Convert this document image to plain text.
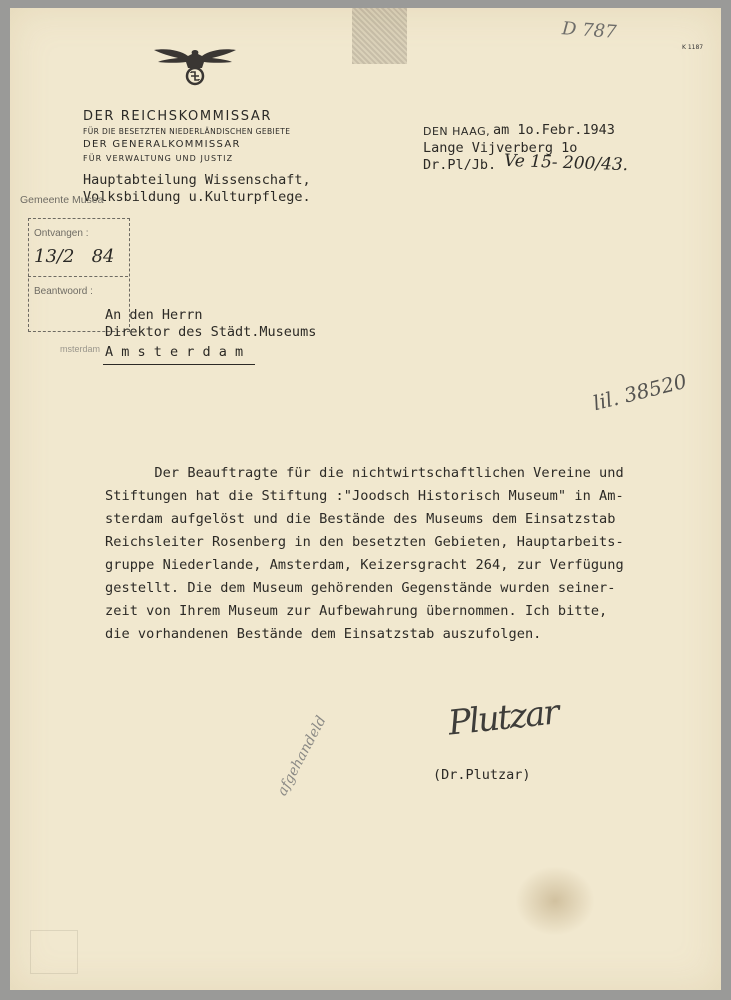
D 787
K 1187
DER REICHSKOMMISSAR
FÜR DIE BESETZTEN NIEDERLÄNDISCHEN GEBIETE
DER GENERALKOMMISSAR
FÜR VERWALTUNG UND JUSTIZ
Hauptabteilung Wissenschaft,
Volksbildung u.Kulturpflege.
DEN HAAG, am 1o.Febr.1943
Lange Vijverberg 1o
Dr.Pl/Jb. Ve 15- 200/43.
Gemeente Musea
Ontvangen :
13/2   84
Beantwoord :
msterdam
An den Herrn
Direktor des Städt.Museums
A m s t e r d a m
lil. 38520
Der Beauftragte für die nichtwirtschaftlichen Vereine und
Stiftungen hat die Stiftung :"Joodsch Historisch Museum" in Am-
sterdam aufgelöst und die Bestände des Museums dem Einsatzstab
Reichsleiter Rosenberg in den besetzten Gebieten, Hauptarbeits-
gruppe Niederlande, Amsterdam, Keizersgracht 264, zur Verfügung
gestellt. Die dem Museum gehörenden Gegenstände wurden seiner-
zeit von Ihrem Museum zur Aufbewahrung übernommen. Ich bitte,
die vorhandenen Bestände dem Einsatzstab auszufolgen.
Plutzar
(Dr.Plutzar)
afgehandeld
